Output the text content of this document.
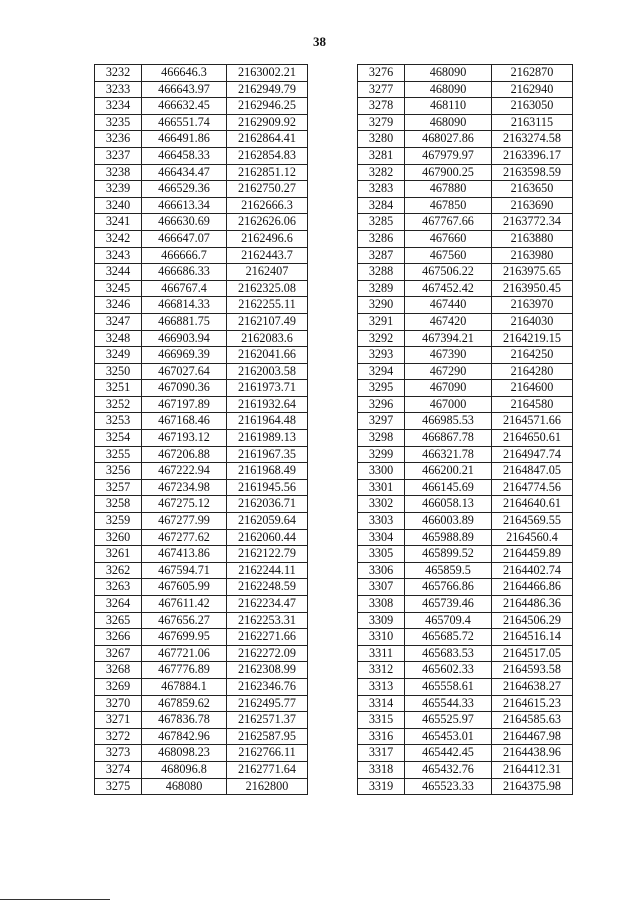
38
3232	466646.3	2163002.21
3233	466643.97	2162949.79
3234	466632.45	2162946.25
3235	466551.74	2162909.92
3236	466491.86	2162864.41
3237	466458.33	2162854.83
3238	466434.47	2162851.12
3239	466529.36	2162750.27
3240	466613.34	2162666.3
3241	466630.69	2162626.06
3242	466647.07	2162496.6
3243	466666.7	2162443.7
3244	466686.33	2162407
3245	466767.4	2162325.08
3246	466814.33	2162255.11
3247	466881.75	2162107.49
3248	466903.94	2162083.6
3249	466969.39	2162041.66
3250	467027.64	2162003.58
3251	467090.36	2161973.71
3252	467197.89	2161932.64
3253	467168.46	2161964.48
3254	467193.12	2161989.13
3255	467206.88	2161967.35
3256	467222.94	2161968.49
3257	467234.98	2161945.56
3258	467275.12	2162036.71
3259	467277.99	2162059.64
3260	467277.62	2162060.44
3261	467413.86	2162122.79
3262	467594.71	2162244.11
3263	467605.99	2162248.59
3264	467611.42	2162234.47
3265	467656.27	2162253.31
3266	467699.95	2162271.66
3267	467721.06	2162272.09
3268	467776.89	2162308.99
3269	467884.1	2162346.76
3270	467859.62	2162495.77
3271	467836.78	2162571.37
3272	467842.96	2162587.95
3273	468098.23	2162766.11
3274	468096.8	2162771.64
3275	468080	2162800
3276	468090	2162870
3277	468090	2162940
3278	468110	2163050
3279	468090	2163115
3280	468027.86	2163274.58
3281	467979.97	2163396.17
3282	467900.25	2163598.59
3283	467880	2163650
3284	467850	2163690
3285	467767.66	2163772.34
3286	467660	2163880
3287	467560	2163980
3288	467506.22	2163975.65
3289	467452.42	2163950.45
3290	467440	2163970
3291	467420	2164030
3292	467394.21	2164219.15
3293	467390	2164250
3294	467290	2164280
3295	467090	2164600
3296	467000	2164580
3297	466985.53	2164571.66
3298	466867.78	2164650.61
3299	466321.78	2164947.74
3300	466200.21	2164847.05
3301	466145.69	2164774.56
3302	466058.13	2164640.61
3303	466003.89	2164569.55
3304	465988.89	2164560.4
3305	465899.52	2164459.89
3306	465859.5	2164402.74
3307	465766.86	2164466.86
3308	465739.46	2164486.36
3309	465709.4	2164506.29
3310	465685.72	2164516.14
3311	465683.53	2164517.05
3312	465602.33	2164593.58
3313	465558.61	2164638.27
3314	465544.33	2164615.23
3315	465525.97	2164585.63
3316	465453.01	2164467.98
3317	465442.45	2164438.96
3318	465432.76	2164412.31
3319	465523.33	2164375.98
